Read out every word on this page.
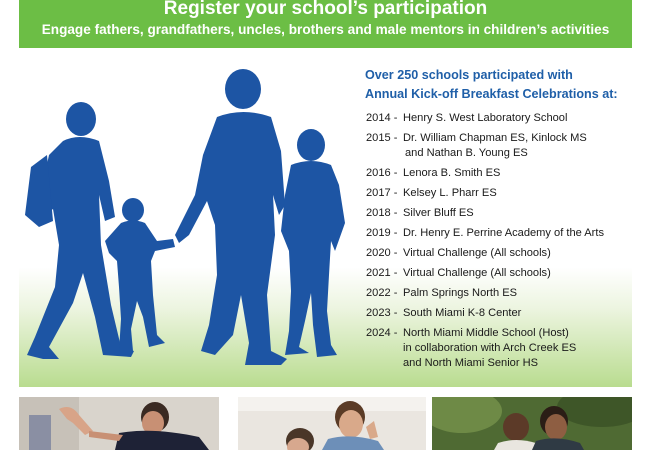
Register your school’s participation
Engage fathers, grandfathers, uncles, brothers and male mentors in children’s activities
Over 250 schools participated with
Annual Kick-off Breakfast Celebrations at:
2014 - Henry S. West Laboratory School
2015 - Dr. William Chapman ES, Kinlock MS
and Nathan B. Young ES
2016 - Lenora B. Smith ES
2017 - Kelsey L. Pharr ES
2018 - Silver Bluff ES
2019 - Dr. Henry E. Perrine Academy of the Arts
2020 - Virtual Challenge (All schools)
2021 - Virtual Challenge (All schools)
2022 - Palm Springs North ES
2023 - South Miami K-8 Center
2024 - North Miami Middle School (Host)
in collaboration with Arch Creek ES
and North Miami Senior HS
